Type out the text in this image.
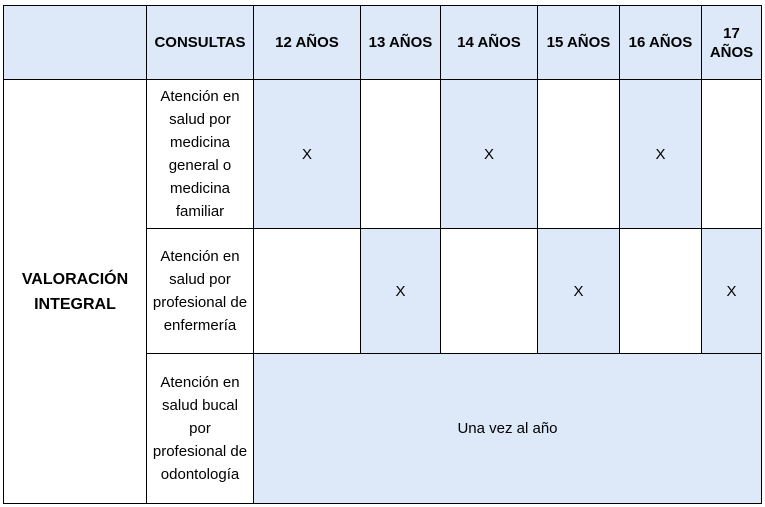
	CONSULTAS	12 AÑOS	13 AÑOS	14 AÑOS	15 AÑOS	16 AÑOS	17 AÑOS
VALORACIÓN INTEGRAL	Atención en salud por medicina general o medicina familiar	X		X		X	
	Atención en salud por profesional de enfermería		X		X		X
	Atención en salud bucal por profesional de odontología	Una vez al año					
